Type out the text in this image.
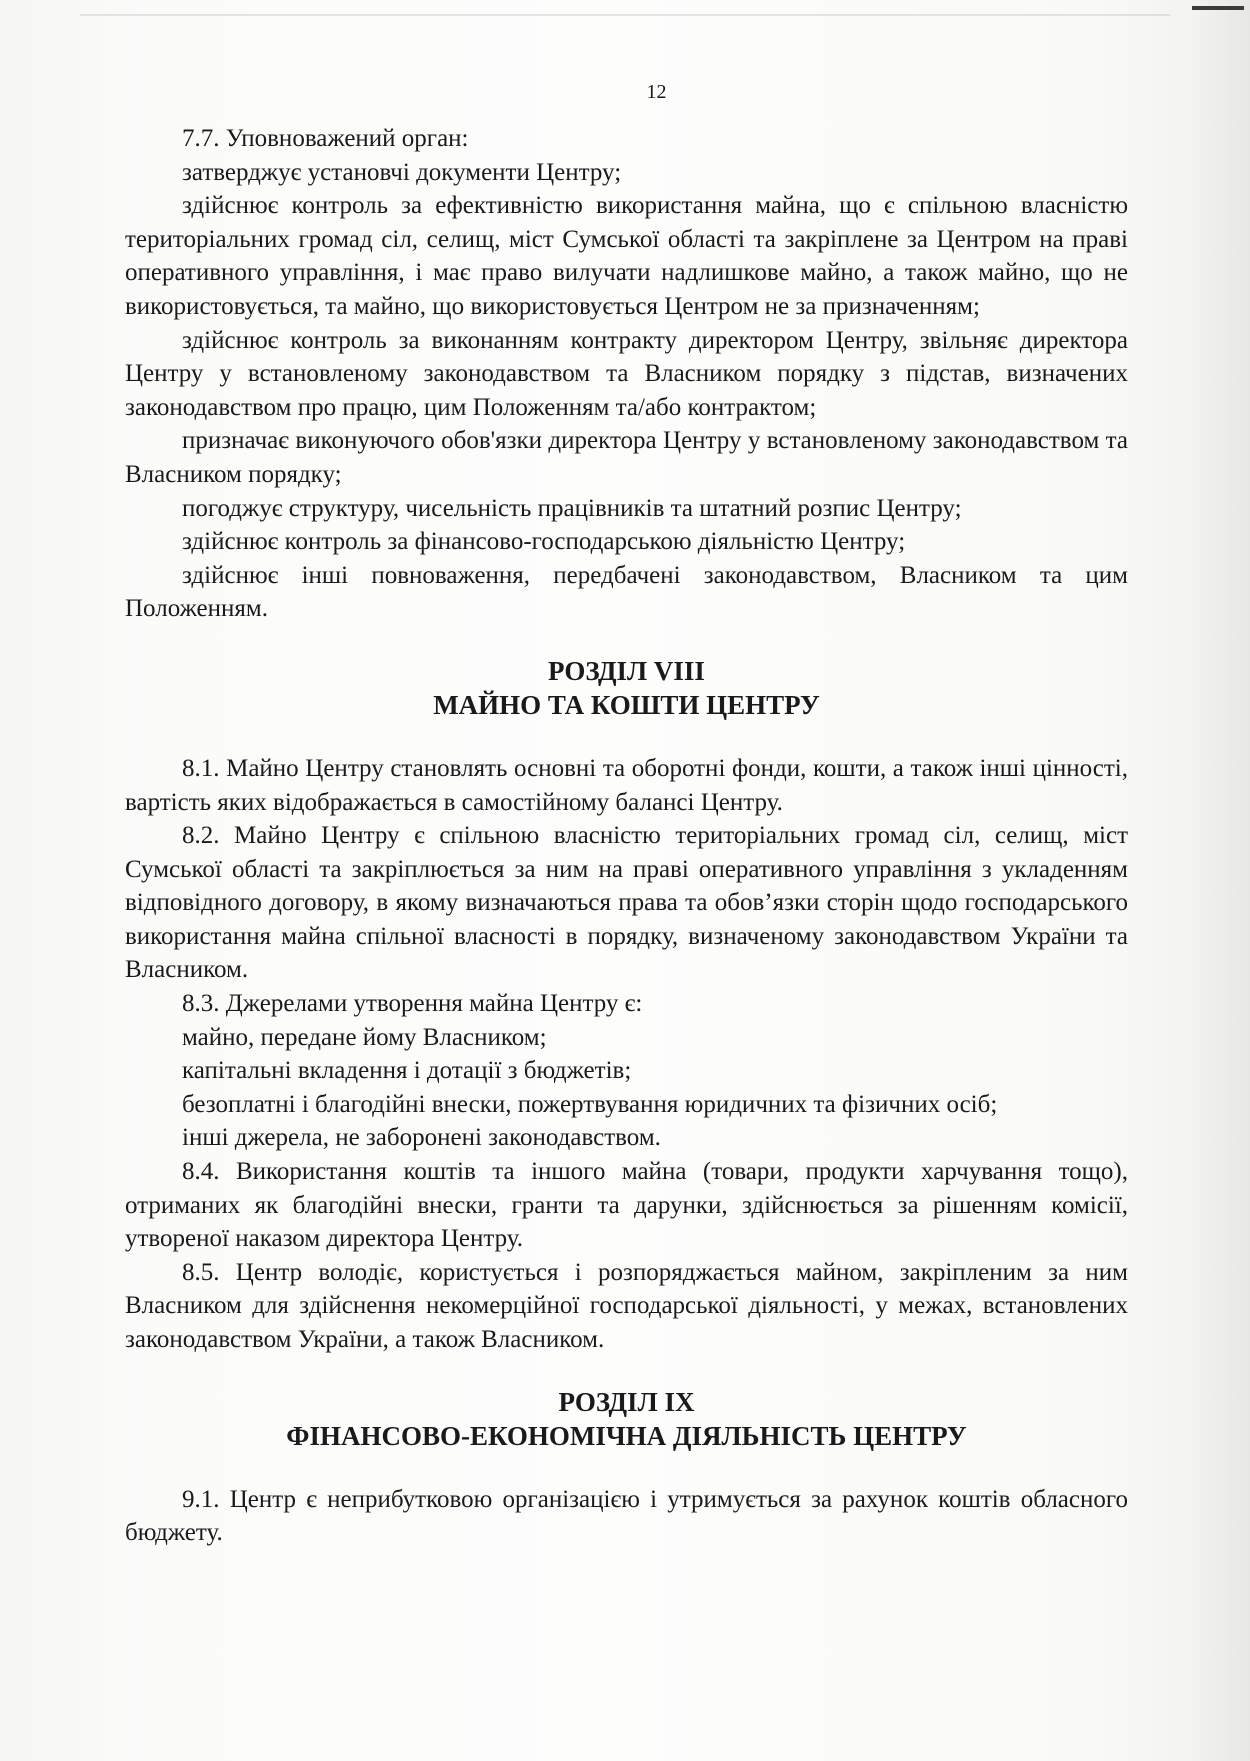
12

7.7. Уповноважений орган:

затверджує установчі документи Центру;

здійснює контроль за ефективністю використання майна, що є спільною власністю територіальних громад сіл, селищ, міст Сумської області та закріплене за Центром на праві оперативного управління, і має право вилучати надлишкове майно, а також майно, що не використовується, та майно, що використовується Центром не за призначенням;

здійснює контроль за виконанням контракту директором Центру, звільняє директора Центру у встановленому законодавством та Власником порядку з підстав, визначених законодавством про працю, цим Положенням та/або контрактом;

призначає виконуючого обов'язки директора Центру у встановленому законодавством та Власником порядку;

погоджує структуру, чисельність працівників та штатний розпис Центру;

здійснює контроль за фінансово-господарською діяльністю Центру;

здійснює інші повноваження, передбачені законодавством, Власником та цим Положенням.

РОЗДІЛ VIII
МАЙНО ТА КОШТИ ЦЕНТРУ

8.1. Майно Центру становлять основні та оборотні фонди, кошти, а також інші цінності, вартість яких відображається в самостійному балансі Центру.

8.2. Майно Центру є спільною власністю територіальних громад сіл, селищ, міст Сумської області та закріплюється за ним на праві оперативного управління з укладенням відповідного договору, в якому визначаються права та обов’язки сторін щодо господарського використання майна спільної власності в порядку, визначеному законодавством України та Власником.

8.3. Джерелами утворення майна Центру є:

майно, передане йому Власником;

капітальні вкладення і дотації з бюджетів;

безоплатні і благодійні внески, пожертвування юридичних та фізичних осіб;

інші джерела, не заборонені законодавством.

8.4. Використання коштів та іншого майна (товари, продукти харчування тощо), отриманих як благодійні внески, гранти та дарунки, здійснюється за рішенням комісії, утвореної наказом директора Центру.

8.5. Центр володіє, користується і розпоряджається майном, закріпленим за ним Власником для здійснення некомерційної господарської діяльності, у межах, встановлених законодавством України, а також Власником.

РОЗДІЛ IX
ФІНАНСОВО-ЕКОНОМІЧНА ДІЯЛЬНІСТЬ ЦЕНТРУ

9.1. Центр є неприбутковою організацією і утримується за рахунок коштів обласного бюджету.
